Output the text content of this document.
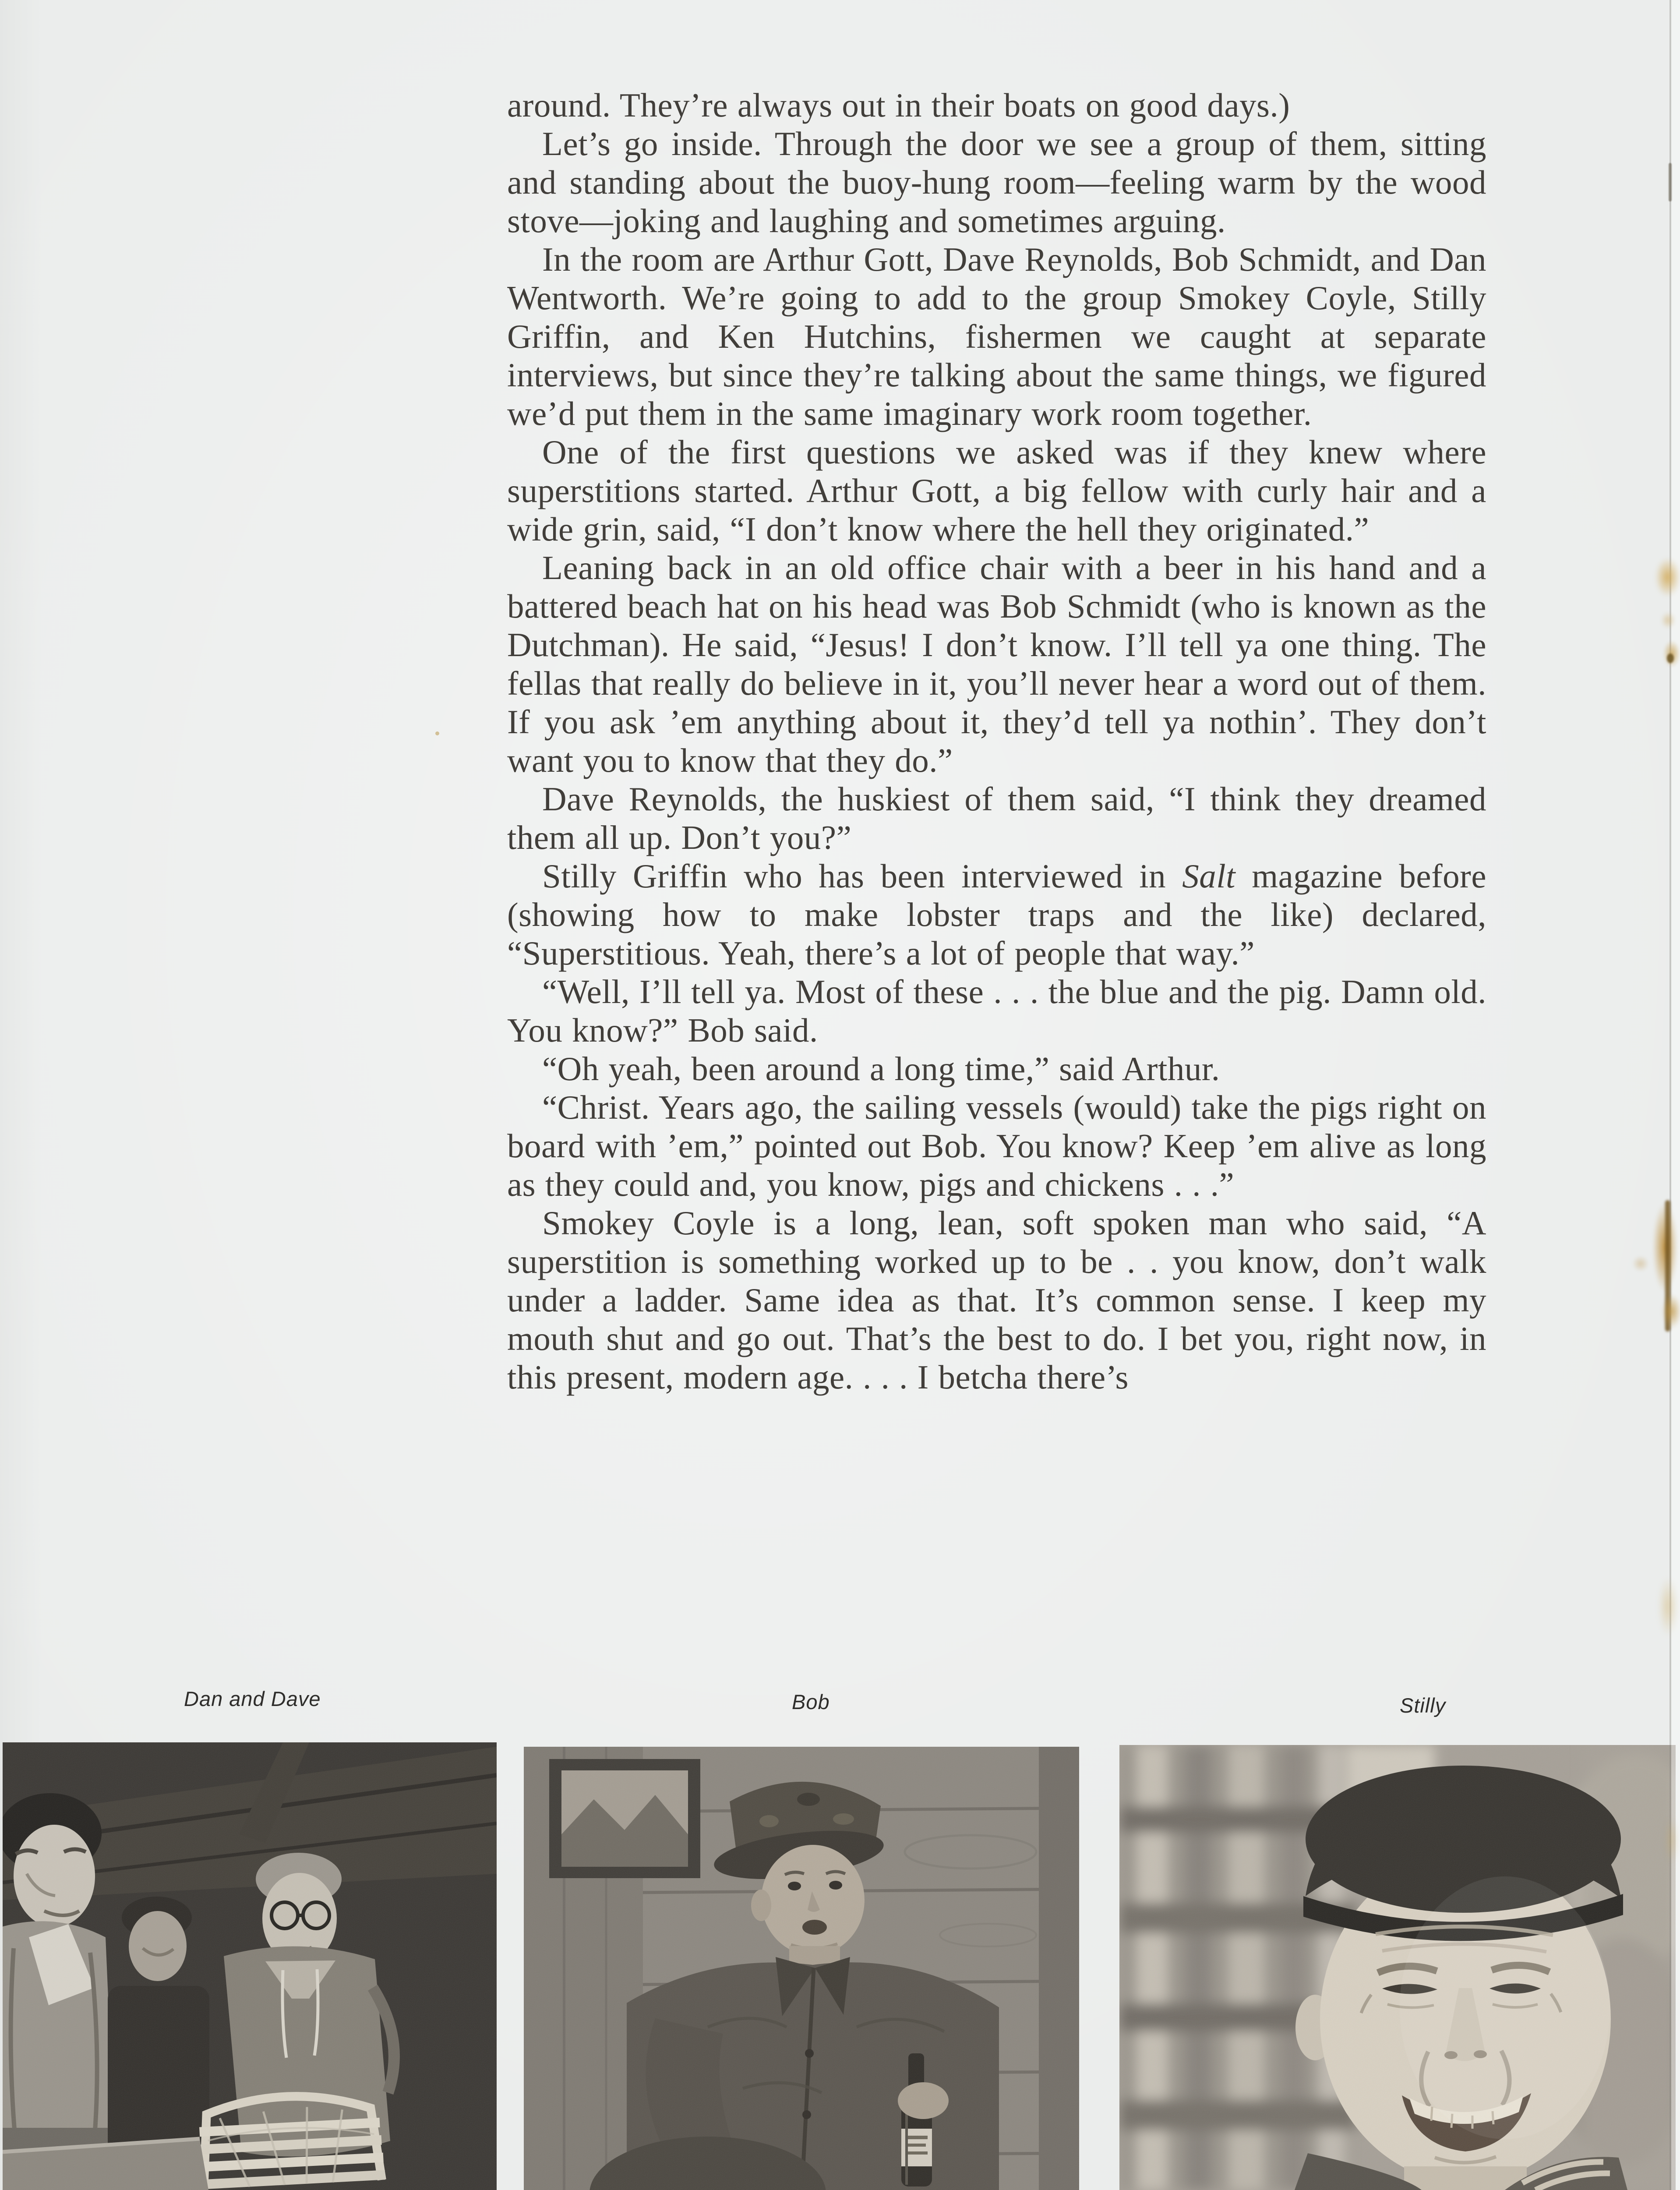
around. They’re always out in their boats on good days.)

Let’s go inside. Through the door we see a group of them, sitting and standing about the buoy-hung room—feeling warm by the wood stove—joking and laughing and sometimes arguing.

In the room are Arthur Gott, Dave Reynolds, Bob Schmidt, and Dan Wentworth. We’re going to add to the group Smokey Coyle, Stilly Griffin, and Ken Hutchins, fishermen we caught at separate interviews, but since they’re talking about the same things, we figured we’d put them in the same imaginary work room together.

One of the first questions we asked was if they knew where superstitions started. Arthur Gott, a big fellow with curly hair and a wide grin, said, “I don’t know where the hell they originated.”

Leaning back in an old office chair with a beer in his hand and a battered beach hat on his head was Bob Schmidt (who is known as the Dutchman). He said, “Jesus! I don’t know. I’ll tell ya one thing. The fellas that really do believe in it, you’ll never hear a word out of them. If you ask ’em anything about it, they’d tell ya nothin’. They don’t want you to know that they do.”

Dave Reynolds, the huskiest of them said, “I think they dreamed them all up. Don’t you?”

Stilly Griffin who has been interviewed in Salt magazine before (showing how to make lobster traps and the like) declared, “Superstitious. Yeah, there’s a lot of people that way.”

“Well, I’ll tell ya. Most of these . . . the blue and the pig. Damn old. You know?” Bob said.

“Oh yeah, been around a long time,” said Arthur.

“Christ. Years ago, the sailing vessels (would) take the pigs right on board with ’em,” pointed out Bob. You know? Keep ’em alive as long as they could and, you know, pigs and chickens . . .”

Smokey Coyle is a long, lean, soft spoken man who said, “A superstition is something worked up to be . . you know, don’t walk under a ladder. Same idea as that. It’s common sense. I keep my mouth shut and go out. That’s the best to do. I bet you, right now, in this present, modern age. . . . I betcha there’s

Dan and Dave	Bob	Stilly
